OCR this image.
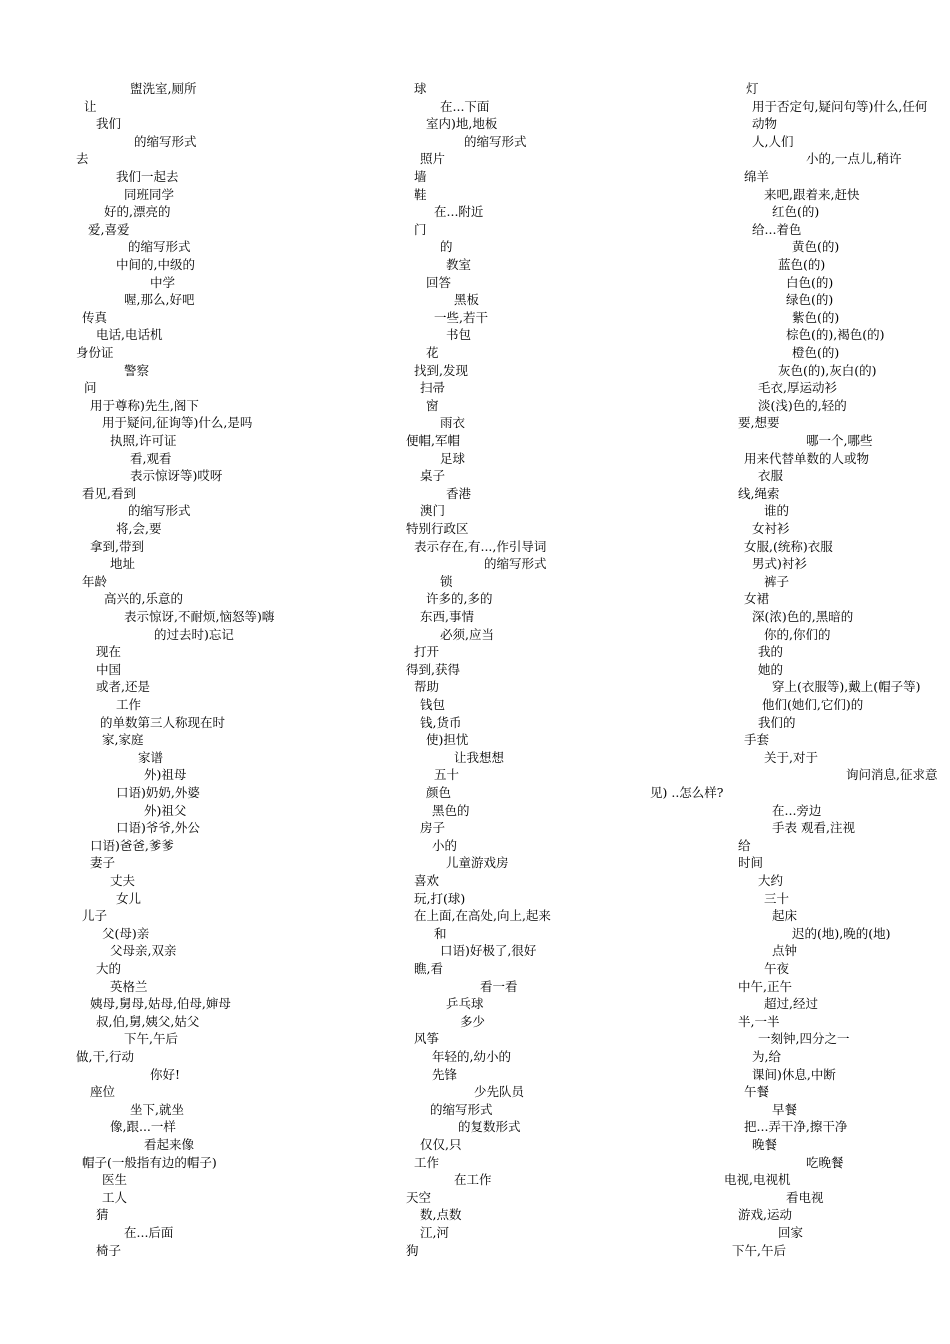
盥洗室,厕所
让
我们
的缩写形式
去
我们一起去
同班同学
好的,漂亮的
爱,喜爱
的缩写形式
中间的,中级的
中学
喔,那么,好吧
传真
电话,电话机
身份证
警察
问
用于尊称)先生,阁下
用于疑问,征询等)什么,是吗
执照,许可证
看,观看
表示惊讶等)哎呀
看见,看到
的缩写形式
将,会,要
拿到,带到
地址
年龄
高兴的,乐意的
表示惊讶,不耐烦,恼怒等)嗨
的过去时)忘记
现在
中国
或者,还是
工作
的单数第三人称现在时
家,家庭
家谱
外)祖母
口语)奶奶,外婆
外)祖父
口语)爷爷,外公
口语)爸爸,爹爹
妻子
丈夫
女儿
儿子
父(母)亲
父母亲,双亲
大的
英格兰
姨母,舅母,姑母,伯母,婶母
叔,伯,舅,姨父,姑父
下午,午后
做,干,行动
你好!
座位
坐下,就坐
像,跟...一样
看起来像
帽子(一般指有边的帽子)
医生
工人
猜
在...后面
椅子
球
在...下面
室内)地,地板
的缩写形式
照片
墙
鞋
在...附近
门
的
教室
回答
黑板
一些,若干
书包
花
找到,发现
扫帚
窗
雨衣
便帽,军帽
足球
桌子
香港
澳门
特别行政区
表示存在,有...,作引导词
的缩写形式
锁
许多的,多的
东西,事情
必须,应当
打开
得到,获得
帮助
钱包
钱,货币
使)担忧
让我想想
五十
颜色
黑色的
房子
小的
儿童游戏房
喜欢
玩,打(球)
在上面,在高处,向上,起来
和
口语)好极了,很好
瞧,看
看一看
乒乓球
多少
风筝
年轻的,幼小的
先锋
少先队员
的缩写形式
的复数形式
仅仅,只
工作
在工作
天空
数,点数
江,河
狗
灯
用于否定句,疑问句等)什么,任何
动物
人,人们
小的,一点儿,稍许
绵羊
来吧,跟着来,赶快
红色(的)
给...着色
黄色(的)
蓝色(的)
白色(的)
绿色(的)
紫色(的)
棕色(的),褐色(的)
橙色(的)
灰色(的),灰白(的)
毛衣,厚运动衫
淡(浅)色的,轻的
要,想要
哪一个,哪些
用来代替单数的人或物
衣服
线,绳索
谁的
女衬衫
女服,(统称)衣服
男式)衬衫
裤子
女裙
深(浓)色的,黑暗的
你的,你们的
我的
她的
穿上(衣服等),戴上(帽子等)
他们(她们,它们)的
我们的
手套
关于,对于
询问消息,征求意
见) ..怎么样?
在...旁边
手表 观看,注视
给
时间
大约
三十
起床
迟的(地),晚的(地)
点钟
午夜
中午,正午
超过,经过
半,一半
一刻钟,四分之一
为,给
课间)休息,中断
午餐
早餐
把...弄干净,擦干净
晚餐
吃晚餐
电视,电视机
看电视
游戏,运动
回家
下午,午后
